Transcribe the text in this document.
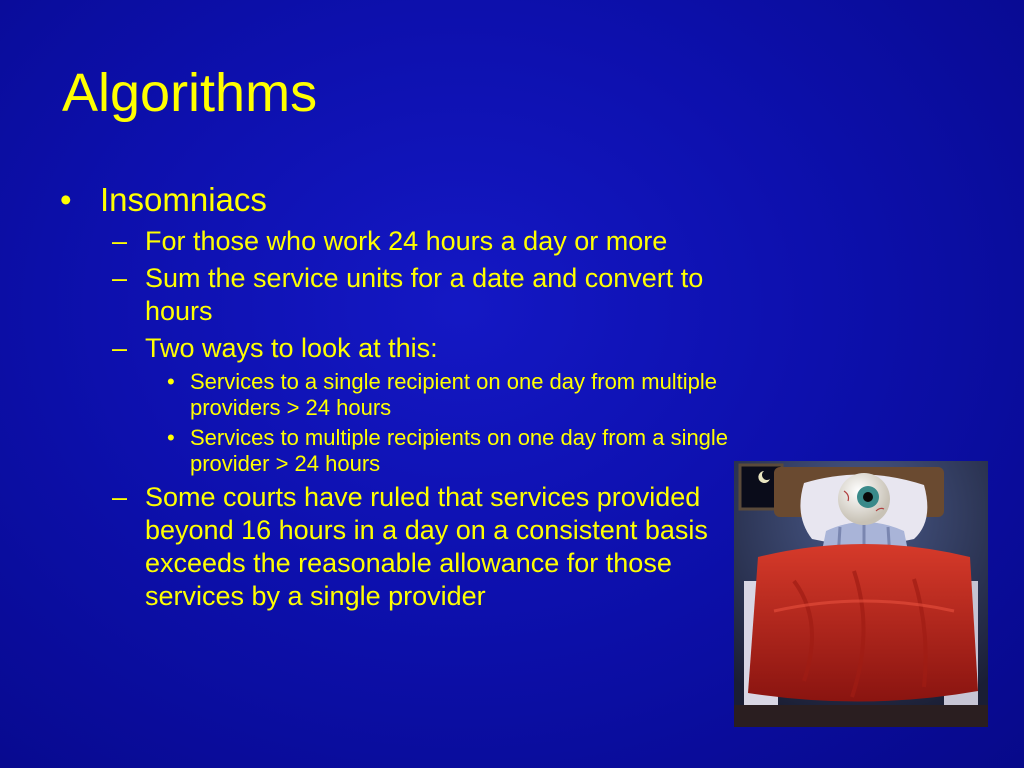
Algorithms
• Insomniacs
– For those who work 24 hours a day or more
– Sum the service units for a date and convert to hours
– Two ways to look at this:
• Services to a single recipient on one day from multiple providers > 24 hours
• Services to multiple recipients on one day from a single provider > 24 hours
– Some courts have ruled that services provided beyond 16 hours in a day on a consistent basis exceeds the reasonable allowance for those services by a single provider
